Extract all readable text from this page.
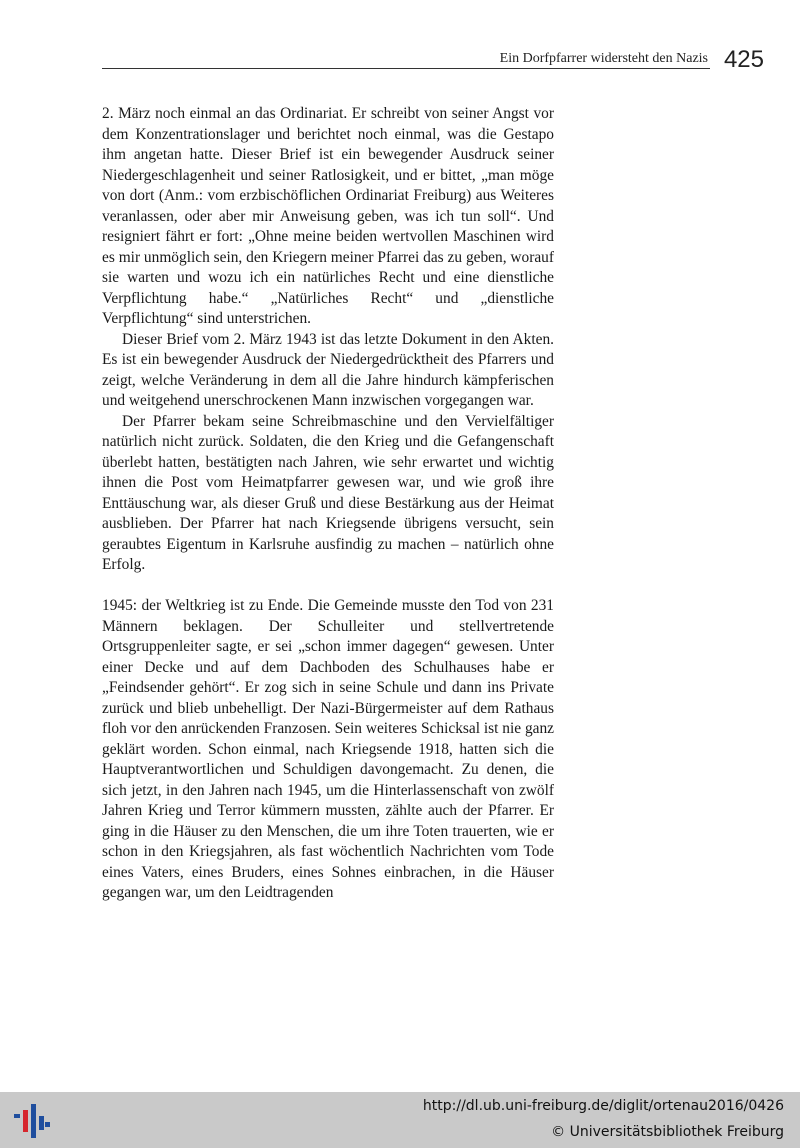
Ein Dorfpfarrer widersteht den Nazis 425

2. März noch einmal an das Ordinariat. Er schreibt von seiner Angst vor dem Konzentrationslager und berichtet noch einmal, was die Gestapo ihm angetan hatte. Dieser Brief ist ein bewegender Ausdruck seiner Niedergeschlagenheit und seiner Ratlosigkeit, und er bittet, „man möge von dort (Anm.: vom erzbischöflichen Ordinariat Freiburg) aus Weiteres veranlassen, oder aber mir Anweisung geben, was ich tun soll“. Und resigniert fährt er fort: „Ohne meine beiden wertvollen Maschinen wird es mir unmöglich sein, den Kriegern meiner Pfarrei das zu geben, worauf sie warten und wozu ich ein natürliches Recht und eine dienstliche Verpflichtung habe.“ „Natürliches Recht“ und „dienstliche Verpflichtung“ sind unterstrichen.

Dieser Brief vom 2. März 1943 ist das letzte Dokument in den Akten. Es ist ein bewegender Ausdruck der Niedergedrücktheit des Pfarrers und zeigt, welche Veränderung in dem all die Jahre hindurch kämpferischen und weitgehend unerschrockenen Mann inzwischen vorgegangen war.

Der Pfarrer bekam seine Schreibmaschine und den Vervielfältiger natürlich nicht zurück. Soldaten, die den Krieg und die Gefangenschaft überlebt hatten, bestätigten nach Jahren, wie sehr erwartet und wichtig ihnen die Post vom Heimatpfarrer gewesen war, und wie groß ihre Enttäuschung war, als dieser Gruß und diese Bestärkung aus der Heimat ausblieben. Der Pfarrer hat nach Kriegsende übrigens versucht, sein geraubtes Eigentum in Karlsruhe ausfindig zu machen – natürlich ohne Erfolg.

1945: der Weltkrieg ist zu Ende. Die Gemeinde musste den Tod von 231 Männern beklagen. Der Schulleiter und stellvertretende Ortsgruppenleiter sagte, er sei „schon immer dagegen“ gewesen. Unter einer Decke und auf dem Dachboden des Schulhauses habe er „Feindsender gehört“. Er zog sich in seine Schule und dann ins Private zurück und blieb unbehelligt. Der Nazi-Bürgermeister auf dem Rathaus floh vor den anrückenden Franzosen. Sein weiteres Schicksal ist nie ganz geklärt worden. Schon einmal, nach Kriegsende 1918, hatten sich die Hauptverantwortlichen und Schuldigen davongemacht. Zu denen, die sich jetzt, in den Jahren nach 1945, um die Hinterlassenschaft von zwölf Jahren Krieg und Terror kümmern mussten, zählte auch der Pfarrer. Er ging in die Häuser zu den Menschen, die um ihre Toten trauerten, wie er schon in den Kriegsjahren, als fast wöchentlich Nachrichten vom Tode eines Vaters, eines Bruders, eines Sohnes einbrachen, in die Häuser gegangen war, um den Leidtragenden

http://dl.ub.uni-freiburg.de/diglit/ortenau2016/0426
© Universitätsbibliothek Freiburg
